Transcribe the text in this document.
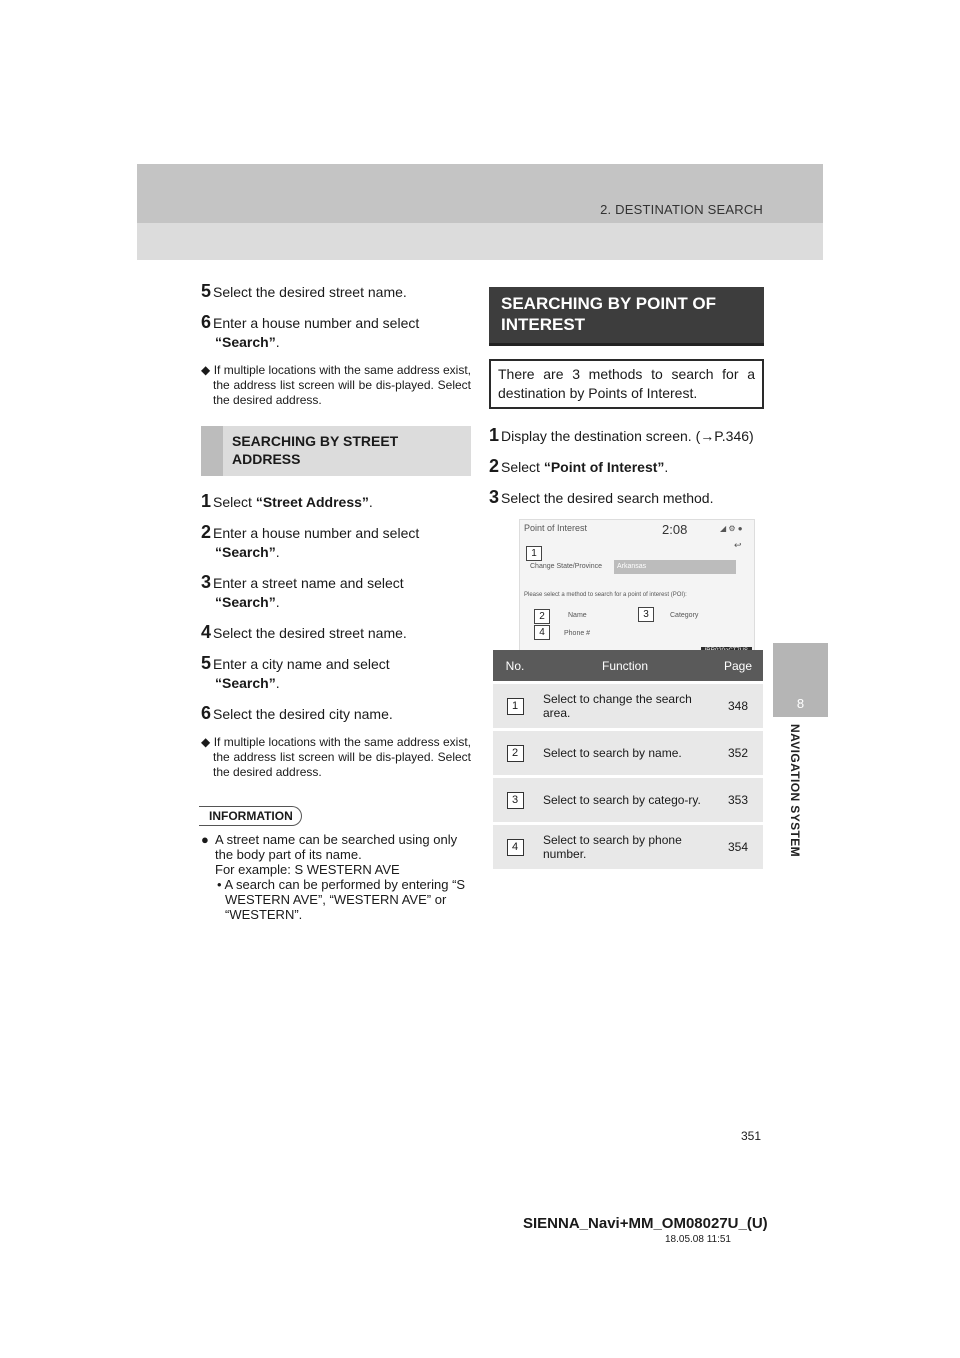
2. DESTINATION SEARCH
8
NAVIGATION SYSTEM

5 Select the desired street name.

6 Enter a house number and select
“Search”.

◆ If multiple locations with the same address exist, the address list screen will be dis-played. Select the desired address.

SEARCHING BY STREET ADDRESS

1 Select “Street Address”.

2 Enter a house number and select
“Search”.

3 Enter a street name and select
“Search”.

4 Select the desired street name.

5 Enter a city name and select
“Search”.

6 Select the desired city name.

◆ If multiple locations with the same address exist, the address list screen will be dis-played. Select the desired address.

INFORMATION
● A street name can be searched using only the body part of its name.
For example: S WESTERN AVE
• A search can be performed by entering “S WESTERN AVE”, “WESTERN AVE” or “WESTERN”.
SEARCHING BY POINT OF INTEREST
There are 3 methods to search for a destination by Points of Interest.

1 Display the destination screen. (→P.346)

2 Select “Point of Interest”.

3 Select the desired search method.

Point of Interest	2:08	◢ ⚙ ●
↩
1
Change State/Province Arkansas
Please select a method to search for a point of interest (POI):
2	Name	3	Category
4	Phone #
No.	Function	Page
1	Select to change the search area.	348
2	Select to search by name.	352
3	Select to search by catego-ry.	353
4	Select to search by phone number.	354
351
SIENNA_Navi+MM_OM08027U_(U)
18.05.08 11:51
